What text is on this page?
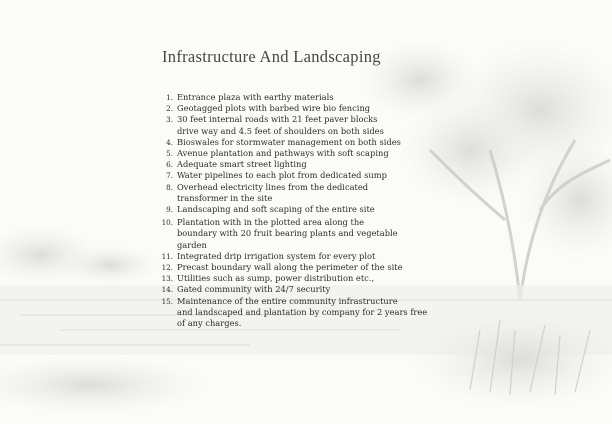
Infrastructure And Landscaping
1. Entrance plaza with earthy materials
2. Geotagged plots with barbed wire bio fencing
3. 30 feet internal roads with 21 feet paver blocks
drive way and 4.5 feet of shoulders on both sides
4. Bioswales for stormwater management on both sides
5. Avenue plantation and pathways with soft scaping
6. Adequate smart street lighting
7. Water pipelines to each plot from dedicated sump
8. Overhead electricity lines from the dedicated
transformer in the site
9. Landscaping and soft scaping of the entire site
10. Plantation with in the plotted area along the
boundary with 20 fruit bearing plants and vegetable
garden
11. Integrated drip irrigation system for every plot
12. Precast boundary wall along the perimeter of the site
13. Utilities such as sump, power distribution etc.,
14. Gated community with 24/7 security
15. Maintenance of the entire community infrastructure
and landscaped and plantation by company for 2 years free
of any charges.
